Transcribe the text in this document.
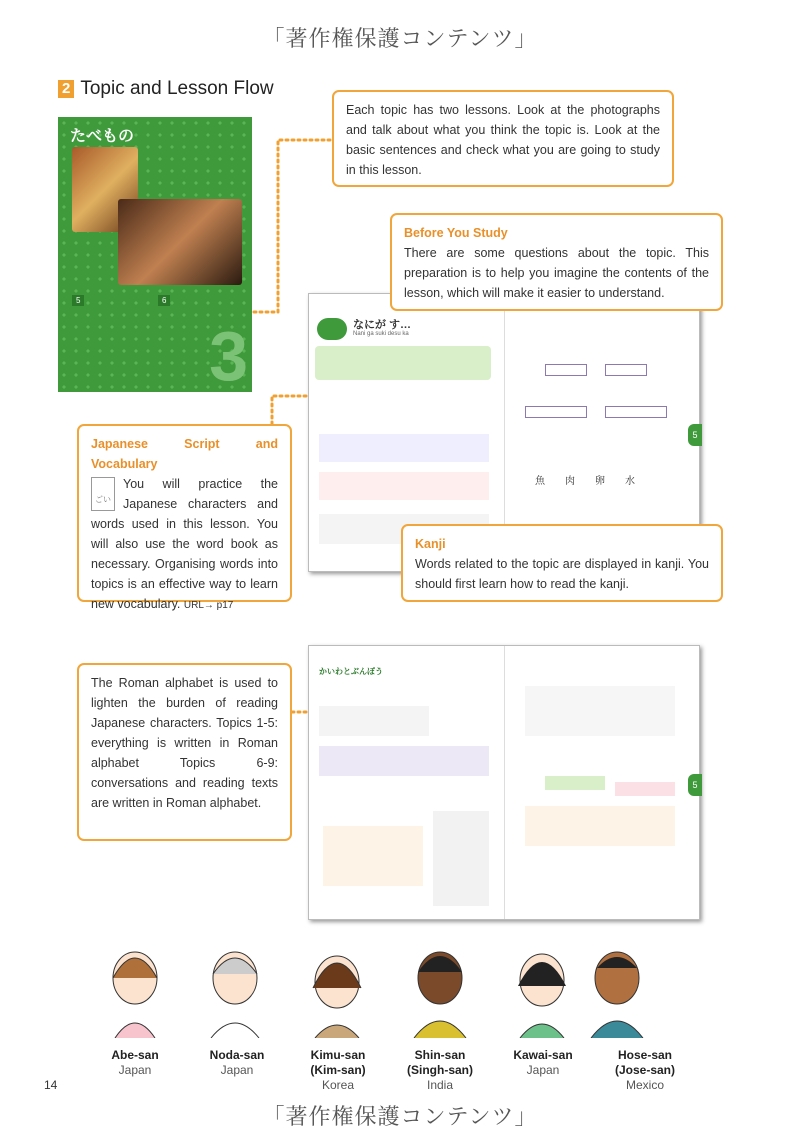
「著作権保護コンテンツ」
2 Topic and Lesson Flow
たべもの
5	6
3
Each topic has two lessons. Look at the photographs and talk about what you think the topic is. Look at the basic sentences and check what you are going to study in this lesson.
なにが す…
Nani ga suki desu ka
魚 肉 卵 水
5
Before You Study
There are some questions about the topic. This preparation is to help you imagine the contents of the lesson, which will make it easier to understand.
Japanese Script and Vocabulary
ごい
You will practice the Japanese characters and words used in this lesson. You will also use the word book as necessary. Organising words into topics is an effective way to learn new vocabulary. URL→ p17
Kanji
Words related to the topic are displayed in kanji. You should first learn how to read the kanji.
かいわとぶんぽう
5
The Roman alphabet is used to lighten the burden of reading Japanese characters. Topics 1-5: everything is written in Roman alphabet Topics 6-9: conversations and reading texts are written in Roman alphabet.
Abe-san
Japan
Noda-san
Japan
Kimu-san
(Kim-san)
Korea
Shin-san
(Singh-san)
India
Kawai-san
Japan
Hose-san
(Jose-san)
Mexico
14
「著作権保護コンテンツ」
